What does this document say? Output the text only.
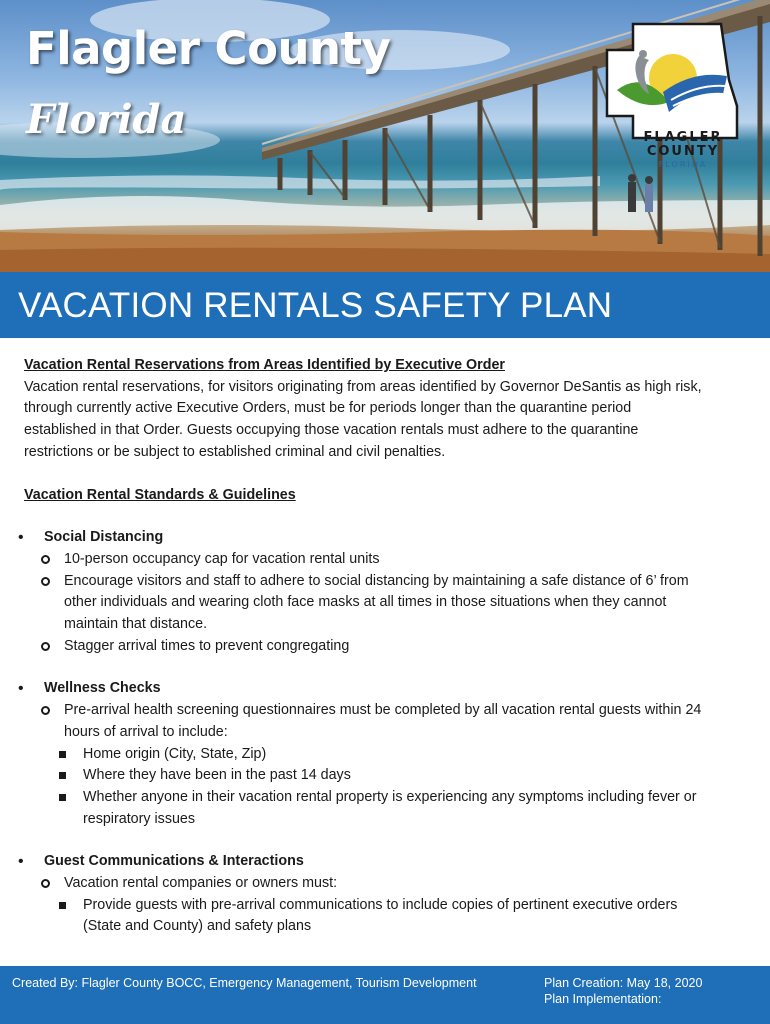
Flagler County
Florida	FLAGLER
COUNTY
FLORIDA
VACATION RENTALS SAFETY PLAN

Vacation Rental Reservations from Areas Identified by Executive Order

Vacation rental reservations, for visitors originating from areas identified by Governor DeSantis as high risk,
through currently active Executive Orders, must be for periods longer than the quarantine period
established in that Order. Guests occupying those vacation rentals must adhere to the quarantine
restrictions or be subject to established criminal and civil penalties.

Vacation Rental Standards & Guidelines

• Social Distancing
10-person occupancy cap for vacation rental units
Encourage visitors and staff to adhere to social distancing by maintaining a safe distance of 6’ from
other individuals and wearing cloth face masks at all times in those situations when they cannot
maintain that distance.
Stagger arrival times to prevent congregating
• Wellness Checks
Pre-arrival health screening questionnaires must be completed by all vacation rental guests within 24
hours of arrival to include:
Home origin (City, State, Zip)
Where they have been in the past 14 days
Whether anyone in their vacation rental property is experiencing any symptoms including fever or
respiratory issues
• Guest Communications & Interactions
Vacation rental companies or owners must:
Provide guests with pre-arrival communications to include copies of pertinent executive orders
(State and County) and safety plans
Created By: Flagler County BOCC, Emergency Management, Tourism Development	Plan Creation: May 18, 2020
Plan Implementation:
